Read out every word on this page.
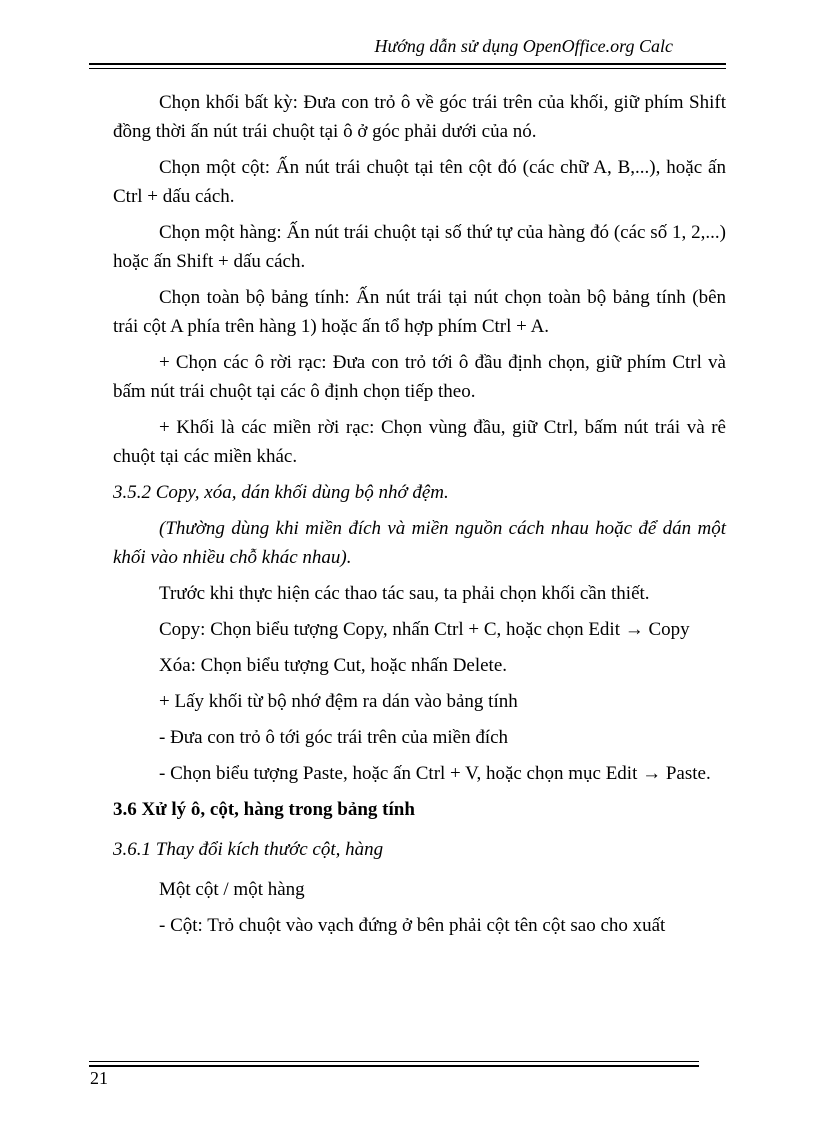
Hướng dẫn sử dụng OpenOffice.org Calc

Chọn khối bất kỳ: Đưa con trỏ ô về góc trái trên của khối, giữ phím Shift đồng thời ấn nút trái chuột tại ô ở góc phải dưới của nó.

Chọn một cột: Ấn nút trái chuột tại tên cột đó (các chữ A, B,...), hoặc ấn Ctrl + dấu cách.

Chọn một hàng: Ấn nút trái chuột tại số thứ tự của hàng đó (các số 1, 2,...) hoặc ấn Shift + dấu cách.

Chọn toàn bộ bảng tính: Ấn nút trái tại nút chọn toàn bộ bảng tính (bên trái cột A phía trên hàng 1) hoặc ấn tổ hợp phím Ctrl + A.

+ Chọn các ô rời rạc: Đưa con trỏ tới ô đầu định chọn, giữ phím Ctrl và bấm nút trái chuột tại các ô định chọn tiếp theo.

+ Khối là các miền rời rạc: Chọn vùng đầu, giữ Ctrl, bấm nút trái và rê chuột tại các miền khác.

3.5.2 Copy, xóa, dán khối dùng bộ nhớ đệm.

(Thường dùng khi miền đích và miền nguồn cách nhau hoặc để dán một khối vào nhiều chỗ khác nhau).

Trước khi thực hiện các thao tác sau, ta phải chọn khối cần thiết.

Copy: Chọn biểu tượng Copy, nhấn Ctrl + C, hoặc chọn Edit → Copy

Xóa: Chọn biểu tượng Cut, hoặc nhấn Delete.

+ Lấy khối từ bộ nhớ đệm ra dán vào bảng tính

- Đưa con trỏ ô tới góc trái trên của miền đích

- Chọn biểu tượng Paste, hoặc ấn Ctrl + V, hoặc chọn mục Edit → Paste.

3.6 Xử lý ô, cột, hàng trong bảng tính

3.6.1 Thay đổi kích thước cột, hàng

Một cột / một hàng

- Cột: Trỏ chuột vào vạch đứng ở bên phải cột tên cột sao cho xuất

21
